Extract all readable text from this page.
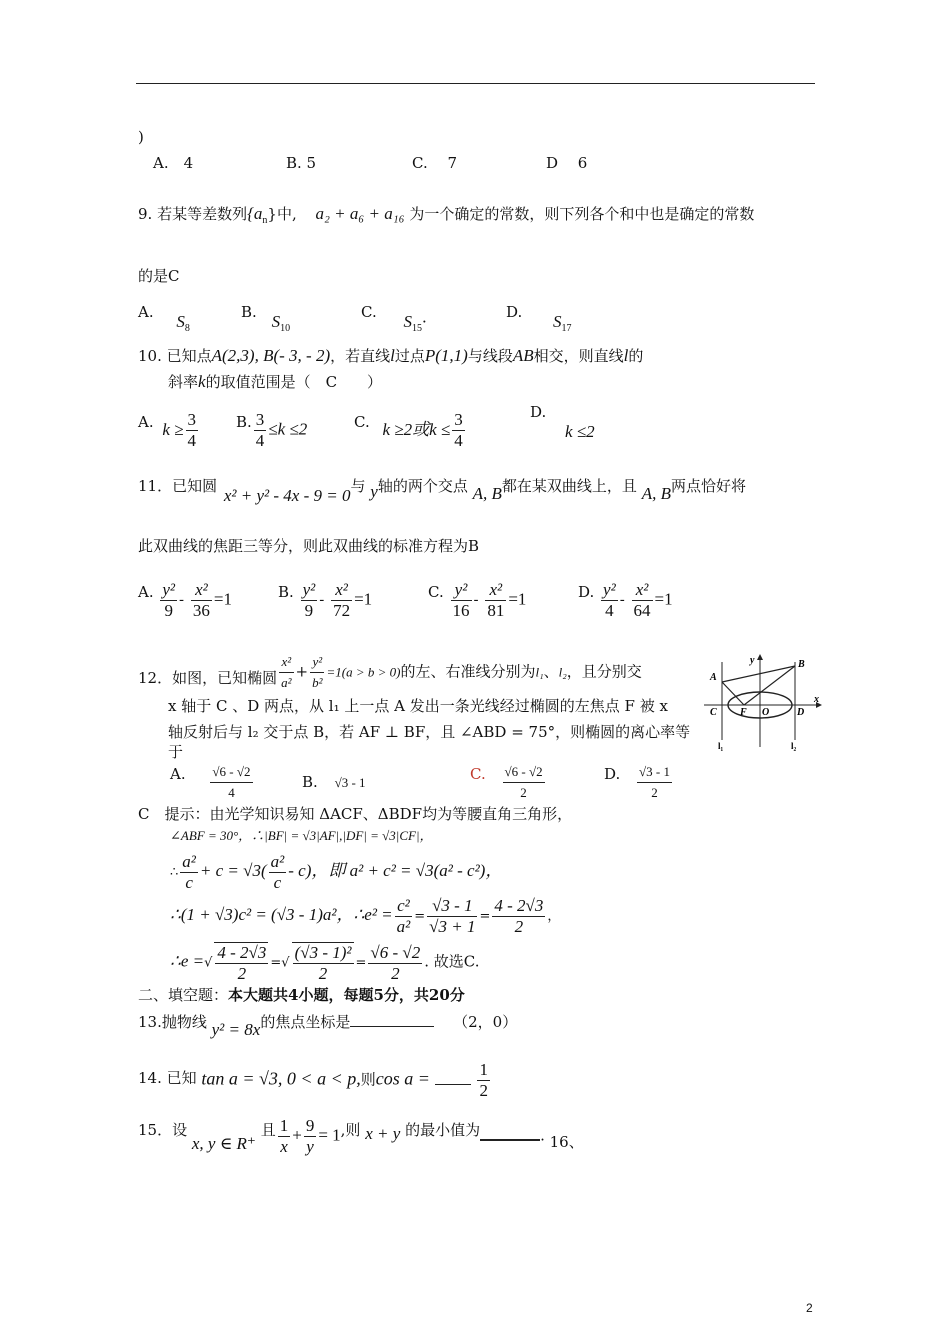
)
A.　4	B. 5	C.　 7	D　 6
9. 若某等差数列$\{a_n\}$中, a₂ + a₆ + a₁₆ 为一个确定的常数，则下列各个和中也是确定的常数
的是C
A. $S_8$
B. $S_{10}$
C. $S_{15}\cdot$	D. $S_{17}$
10. 已知点A(2,3), B(- 3, - 2)，若直线l过点P(1,1)与线段AB相交，则直线l的
斜率k的取值范围是（　C　　）
A. $k \ge \frac{3}{4}$	B. $\frac{3}{4} \le k \le 2$	C. k ≥2或$k \le \frac{3}{4}$	D. k ≤2
11．已知圆 x² + y² - 4x - 9 = 0与 y轴的两个交点 A, B都在某双曲线上，且 A, B两点恰好将
此双曲线的焦距三等分，则此双曲线的标准方程为B
A. $\frac{\text{y²}}{9} - \frac{\text{x²}}{36} =1$	B. $\frac{\text{y²}}{9} - \frac{\text{x²}}{72} =1$	C. $\frac{\text{y²}}{16} - \frac{\text{x²}}{81} =1$	D. $\frac{\text{y²}}{4} - \frac{\text{x²}}{64} =1$
12．如图，已知椭圆 $\frac{\text{x²}}{\text{a²}} + \frac{\text{y²}}{\text{b²}} =1(a > b > 0)$的左、右准线分别为l₁、l₂，且分别交
x 轴于 C 、D 两点，从 l₁ 上一点 A 发出一条光线经过椭圆的左焦点 F 被 x
轴反射后与 l₂ 交于点 B，若 AF ⊥ BF，且 ∠ABD = 75°，则椭圆的离心率等
于
A. $\frac{√6 - √2}{4}$	B. √3 - 1	C. $\frac{√6 - √2}{2}$	D. $\frac{√3 - 1}{2}$
y	B
A
C F O	D
x
l₁	l₂
C　提示：由光学知识易知 ΔACF、ΔBDF均为等腰直角三角形，
∠ABF = 30°，∴|BF| = √3|AF|,|DF| = √3|CF|，
∴ $\frac{\text{a²}}{c} + c = √3( \frac{\text{a²}}{c} - c)$，即 a² + c² = √3(a² - c²)，
∴(1 + √3)c² = (√3 - 1)a²，∴e² = $\frac{\text{c²}}{\text{a²}} = \frac{√3 - 1}{√3 + 1} = \frac{4 - 2√3}{2}$ ，
∴e =√ $\frac{4 - 2√3}{2}$ =√ $\frac{\text{(√3 - 1)²}}{2} = \frac{√6 - √2}{2}$ . 故选C.
二、填空题：本大题共4小题，每题5分，共20分
13.抛物线 y² = 8x的焦点坐标是	（2，0）
14. 已知 tan a = √3, 0 < a < p,则cos a =	$\frac{1}{2}$
15．设 x, y ∈ R⁺ 且 $\frac{1}{x} + \frac{9}{y} = 1$,则 x + y 的最小值为	. 16、
2
